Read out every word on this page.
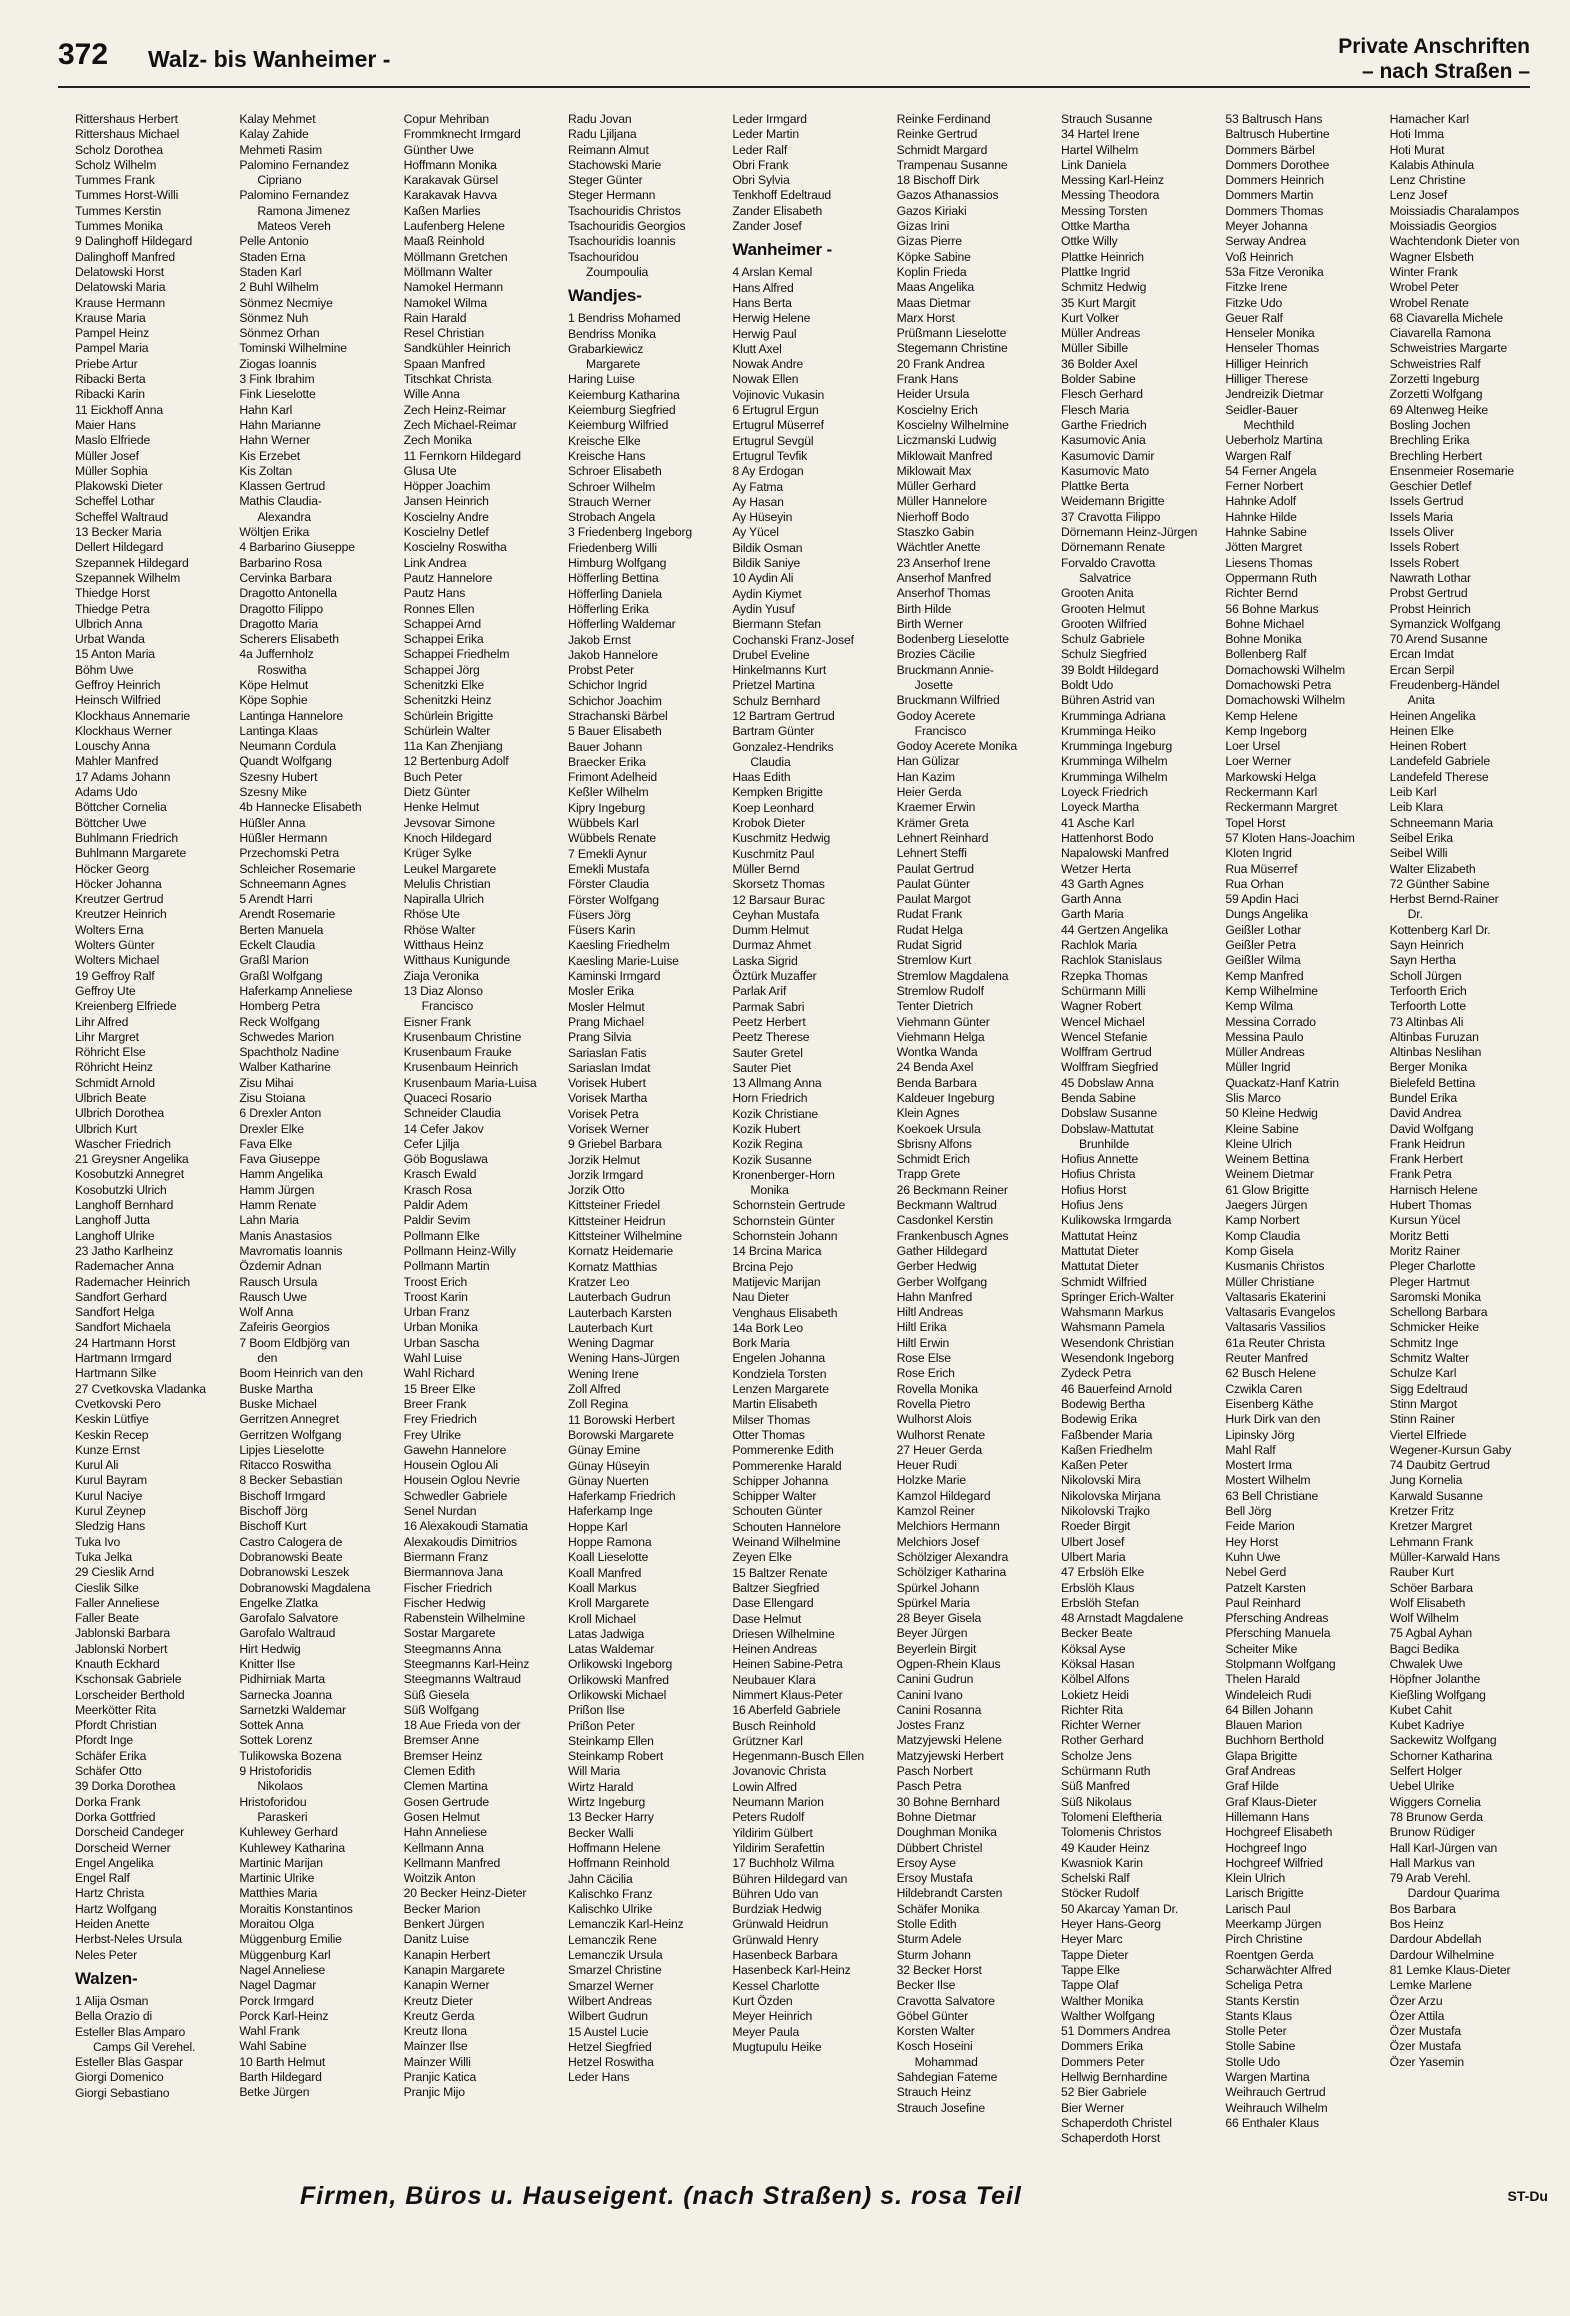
372 Walz- bis Wanheimer -	Private Anschriften
– nach Straßen –
Rittershaus Herbert
Rittershaus Michael
Scholz Dorothea
Scholz Wilhelm
Tummes Frank
Tummes Horst-Willi
Tummes Kerstin
Tummes Monika
9 Dalinghoff Hildegard
Dalinghoff Manfred
Delatowski Horst
Delatowski Maria
Krause Hermann
Krause Maria
Pampel Heinz
Pampel Maria
Priebe Artur
Ribacki Berta
Ribacki Karin
11 Eickhoff Anna
Maier Hans
Maslo Elfriede
Müller Josef
Müller Sophia
Plakowski Dieter
Scheffel Lothar
Scheffel Waltraud
13 Becker Maria
Dellert Hildegard
Szepannek Hildegard
Szepannek Wilhelm
Thiedge Horst
Thiedge Petra
Ulbrich Anna
Urbat Wanda
15 Anton Maria
Böhm Uwe
Geffroy Heinrich
Heinsch Wilfried
Klockhaus Annemarie
Klockhaus Werner
Louschy Anna
Mahler Manfred
17 Adams Johann
Adams Udo
Böttcher Cornelia
Böttcher Uwe
Buhlmann Friedrich
Buhlmann Margarete
Höcker Georg
Höcker Johanna
Kreutzer Gertrud
Kreutzer Heinrich
Wolters Erna
Wolters Günter
Wolters Michael
19 Geffroy Ralf
Geffroy Ute
Kreienberg Elfriede
Lihr Alfred
Lihr Margret
Röhricht Else
Röhricht Heinz
Schmidt Arnold
Ulbrich Beate
Ulbrich Dorothea
Ulbrich Kurt
Wascher Friedrich
21 Greysner Angelika
Kosobutzki Annegret
Kosobutzki Ulrich
Langhoff Bernhard
Langhoff Jutta
Langhoff Ulrike
23 Jatho Karlheinz
Rademacher Anna
Rademacher Heinrich
Sandfort Gerhard
Sandfort Helga
Sandfort Michaela
24 Hartmann Horst
Hartmann Irmgard
Hartmann Silke
27 Cvetkovska Vladanka
Cvetkovski Pero
Keskin Lütfiye
Keskin Recep
Kunze Ernst
Kurul Ali
Kurul Bayram
Kurul Naciye
Kurul Zeynep
Sledzig Hans
Tuka Ivo
Tuka Jelka
29 Cieslik Arnd
Cieslik Silke
Faller Anneliese
Faller Beate
Jablonski Barbara
Jablonski Norbert
Knauth Eckhard
Kschonsak Gabriele
Lorscheider Berthold
Meerkötter Rita
Pfordt Christian
Pfordt Inge
Schäfer Erika
Schäfer Otto
39 Dorka Dorothea
Dorka Frank
Dorka Gottfried
Dorscheid Candeger
Dorscheid Werner
Engel Angelika
Engel Ralf
Hartz Christa
Hartz Wolfgang
Heiden Anette
Herbst-Neles Ursula
Neles Peter
Walzen-
1 Alija Osman
Bella Orazio di
Esteller Blas Amparo
Camps Gil Verehel.
Esteller Blas Gaspar
Giorgi Domenico
Giorgi Sebastiano
Kalay Mehmet
Kalay Zahide
Mehmeti Rasim
Palomino Fernandez
Cipriano
Palomino Fernandez
Ramona Jimenez
Mateos Vereh
Pelle Antonio
Staden Erna
Staden Karl
2 Buhl Wilhelm
Sönmez Necmiye
Sönmez Nuh
Sönmez Orhan
Tominski Wilhelmine
Ziogas Ioannis
3 Fink Ibrahim
Fink Lieselotte
Hahn Karl
Hahn Marianne
Hahn Werner
Kis Erzebet
Kis Zoltan
Klassen Gertrud
Mathis Claudia-
Alexandra
Wöltjen Erika
4 Barbarino Giuseppe
Barbarino Rosa
Cervinka Barbara
Dragotto Antonella
Dragotto Filippo
Dragotto Maria
Scherers Elisabeth
4a Juffernholz
Roswitha
Köpe Helmut
Köpe Sophie
Lantinga Hannelore
Lantinga Klaas
Neumann Cordula
Quandt Wolfgang
Szesny Hubert
Szesny Mike
4b Hannecke Elisabeth
Hüßler Anna
Hüßler Hermann
Przechomski Petra
Schleicher Rosemarie
Schneemann Agnes
5 Arendt Harri
Arendt Rosemarie
Berten Manuela
Eckelt Claudia
Graßl Marion
Graßl Wolfgang
Haferkamp Anneliese
Homberg Petra
Reck Wolfgang
Schwedes Marion
Spachtholz Nadine
Walber Katharine
Zisu Mihai
Zisu Stoiana
6 Drexler Anton
Drexler Elke
Fava Elke
Fava Giuseppe
Hamm Angelika
Hamm Jürgen
Hamm Renate
Lahn Maria
Manis Anastasios
Mavromatis Ioannis
Özdemir Adnan
Rausch Ursula
Rausch Uwe
Wolf Anna
Zafeiris Georgios
7 Boom Eldbjörg van
den
Boom Heinrich van den
Buske Martha
Buske Michael
Gerritzen Annegret
Gerritzen Wolfgang
Lipjes Lieselotte
Ritacco Roswitha
8 Becker Sebastian
Bischoff Irmgard
Bischoff Jörg
Bischoff Kurt
Castro Calogera de
Dobranowski Beate
Dobranowski Leszek
Dobranowski Magdalena
Engelke Zlatka
Garofalo Salvatore
Garofalo Waltraud
Hirt Hedwig
Knitter Ilse
Pidhirniak Marta
Sarnecka Joanna
Sarnetzki Waldemar
Sottek Anna
Sottek Lorenz
Tulikowska Bozena
9 Hristoforidis
Nikolaos
Hristoforidou
Paraskeri
Kuhlewey Gerhard
Kuhlewey Katharina
Martinic Marijan
Martinic Ulrike
Matthies Maria
Moraitis Konstantinos
Moraitou Olga
Müggenburg Emilie
Müggenburg Karl
Nagel Anneliese
Nagel Dagmar
Porck Irmgard
Porck Karl-Heinz
Wahl Frank
Wahl Sabine
10 Barth Helmut
Barth Hildegard
Betke Jürgen
Copur Mehriban
Frommknecht Irmgard
Günther Uwe
Hoffmann Monika
Karakavak Gürsel
Karakavak Havva
Kaßen Marlies
Laufenberg Helene
Maaß Reinhold
Möllmann Gretchen
Möllmann Walter
Namokel Hermann
Namokel Wilma
Rain Harald
Resel Christian
Sandkühler Heinrich
Spaan Manfred
Titschkat Christa
Wille Anna
Zech Heinz-Reimar
Zech Michael-Reimar
Zech Monika
11 Fernkorn Hildegard
Glusa Ute
Höpper Joachim
Jansen Heinrich
Koscielny Andre
Koscielny Detlef
Koscielny Roswitha
Link Andrea
Pautz Hannelore
Pautz Hans
Ronnes Ellen
Schappei Arnd
Schappei Erika
Schappei Friedhelm
Schappei Jörg
Schenitzki Elke
Schenitzki Heinz
Schürlein Brigitte
Schürlein Walter
11a Kan Zhenjiang
12 Bertenburg Adolf
Buch Peter
Dietz Günter
Henke Helmut
Jevsovar Simone
Knoch Hildegard
Krüger Sylke
Leukel Margarete
Melulis Christian
Napiralla Ulrich
Rhöse Ute
Rhöse Walter
Witthaus Heinz
Witthaus Kunigunde
Ziaja Veronika
13 Diaz Alonso
Francisco
Eisner Frank
Krusenbaum Christine
Krusenbaum Frauke
Krusenbaum Heinrich
Krusenbaum Maria-Luisa
Quaceci Rosario
Schneider Claudia
14 Cefer Jakov
Cefer Ljilja
Göb Boguslawa
Krasch Ewald
Krasch Rosa
Paldir Adem
Paldir Sevim
Pollmann Elke
Pollmann Heinz-Willy
Pollmann Martin
Troost Erich
Troost Karin
Urban Franz
Urban Monika
Urban Sascha
Wahl Luise
Wahl Richard
15 Breer Elke
Breer Frank
Frey Friedrich
Frey Ulrike
Gawehn Hannelore
Housein Oglou Ali
Housein Oglou Nevrie
Schwedler Gabriele
Senel Nurdan
16 Alexakoudi Stamatia
Alexakoudis Dimitrios
Biermann Franz
Biermannova Jana
Fischer Friedrich
Fischer Hedwig
Rabenstein Wilhelmine
Sostar Margarete
Steegmanns Anna
Steegmanns Karl-Heinz
Steegmanns Waltraud
Süß Giesela
Süß Wolfgang
18 Aue Frieda von der
Bremser Anne
Bremser Heinz
Clemen Edith
Clemen Martina
Gosen Gertrude
Gosen Helmut
Hahn Anneliese
Kellmann Anna
Kellmann Manfred
Woitzik Anton
20 Becker Heinz-Dieter
Becker Marion
Benkert Jürgen
Danitz Luise
Kanapin Herbert
Kanapin Margarete
Kanapin Werner
Kreutz Dieter
Kreutz Gerda
Kreutz Ilona
Mainzer Ilse
Mainzer Willi
Pranjic Katica
Pranjic Mijo
Radu Jovan
Radu Ljiljana
Reimann Almut
Stachowski Marie
Steger Günter
Steger Hermann
Tsachouridis Christos
Tsachouridis Georgios
Tsachouridis Ioannis
Tsachouridou
Zoumpoulia
Wandjes-
1 Bendriss Mohamed
Bendriss Monika
Grabarkiewicz
Margarete
Haring Luise
Keiemburg Katharina
Keiemburg Siegfried
Keiemburg Wilfried
Kreische Elke
Kreische Hans
Schroer Elisabeth
Schroer Wilhelm
Strauch Werner
Strobach Angela
3 Friedenberg Ingeborg
Friedenberg Willi
Himburg Wolfgang
Höfferling Bettina
Höfferling Daniela
Höfferling Erika
Höfferling Waldemar
Jakob Ernst
Jakob Hannelore
Probst Peter
Schichor Ingrid
Schichor Joachim
Strachanski Bärbel
5 Bauer Elisabeth
Bauer Johann
Braecker Erika
Frimont Adelheid
Keßler Wilhelm
Kipry Ingeburg
Wübbels Karl
Wübbels Renate
7 Emekli Aynur
Emekli Mustafa
Förster Claudia
Förster Wolfgang
Füsers Jörg
Füsers Karin
Kaesling Friedhelm
Kaesling Marie-Luise
Kaminski Irmgard
Mosler Erika
Mosler Helmut
Prang Michael
Prang Silvia
Sariaslan Fatis
Sariaslan Imdat
Vorisek Hubert
Vorisek Martha
Vorisek Petra
Vorisek Werner
9 Griebel Barbara
Jorzik Helmut
Jorzik Irmgard
Jorzik Otto
Kittsteiner Friedel
Kittsteiner Heidrun
Kittsteiner Wilhelmine
Kornatz Heidemarie
Kornatz Matthias
Kratzer Leo
Lauterbach Gudrun
Lauterbach Karsten
Lauterbach Kurt
Wening Dagmar
Wening Hans-Jürgen
Wening Irene
Zoll Alfred
Zoll Regina
11 Borowski Herbert
Borowski Margarete
Günay Emine
Günay Hüseyin
Günay Nuerten
Haferkamp Friedrich
Haferkamp Inge
Hoppe Karl
Hoppe Ramona
Koall Lieselotte
Koall Manfred
Koall Markus
Kroll Margarete
Kroll Michael
Latas Jadwiga
Latas Waldemar
Orlikowski Ingeborg
Orlikowski Manfred
Orlikowski Michael
Prißon Ilse
Prißon Peter
Steinkamp Ellen
Steinkamp Robert
Will Maria
Wirtz Harald
Wirtz Ingeburg
13 Becker Harry
Becker Walli
Hoffmann Helene
Hoffmann Reinhold
Jahn Cäcilia
Kalischko Franz
Kalischko Ulrike
Lemanczik Karl-Heinz
Lemanczik Rene
Lemanczik Ursula
Smarzel Christine
Smarzel Werner
Wilbert Andreas
Wilbert Gudrun
15 Austel Lucie
Hetzel Siegfried
Hetzel Roswitha
Leder Hans
Leder Irmgard
Leder Martin
Leder Ralf
Obri Frank
Obri Sylvia
Tenkhoff Edeltraud
Zander Elisabeth
Zander Josef
Wanheimer -
4 Arslan Kemal
Hans Alfred
Hans Berta
Herwig Helene
Herwig Paul
Klutt Axel
Nowak Andre
Nowak Ellen
Vojinovic Vukasin
6 Ertugrul Ergun
Ertugrul Müserref
Ertugrul Sevgül
Ertugrul Tevfik
8 Ay Erdogan
Ay Fatma
Ay Hasan
Ay Hüseyin
Ay Yücel
Bildik Osman
Bildik Saniye
10 Aydin Ali
Aydin Kiymet
Aydin Yusuf
Biermann Stefan
Cochanski Franz-Josef
Drubel Eveline
Hinkelmanns Kurt
Prietzel Martina
Schulz Bernhard
12 Bartram Gertrud
Bartram Günter
Gonzalez-Hendriks
Claudia
Haas Edith
Kempken Brigitte
Koep Leonhard
Krobok Dieter
Kuschmitz Hedwig
Kuschmitz Paul
Müller Bernd
Skorsetz Thomas
12 Barsaur Burac
Ceyhan Mustafa
Dumm Helmut
Durmaz Ahmet
Laska Sigrid
Öztürk Muzaffer
Parlak Arif
Parmak Sabri
Peetz Herbert
Peetz Therese
Sauter Gretel
Sauter Piet
13 Allmang Anna
Horn Friedrich
Kozik Christiane
Kozik Hubert
Kozik Regina
Kozik Susanne
Kronenberger-Horn
Monika
Schornstein Gertrude
Schornstein Günter
Schornstein Johann
14 Brcina Marica
Brcina Pejo
Matijevic Marijan
Nau Dieter
Venghaus Elisabeth
14a Bork Leo
Bork Maria
Engelen Johanna
Kondziela Torsten
Lenzen Margarete
Martin Elisabeth
Milser Thomas
Otter Thomas
Pommerenke Edith
Pommerenke Harald
Schipper Johanna
Schipper Walter
Schouten Günter
Schouten Hannelore
Weinand Wilhelmine
Zeyen Elke
15 Baltzer Renate
Baltzer Siegfried
Dase Ellengard
Dase Helmut
Driesen Wilhelmine
Heinen Andreas
Heinen Sabine-Petra
Neubauer Klara
Nimmert Klaus-Peter
16 Aberfeld Gabriele
Busch Reinhold
Grützner Karl
Hegenmann-Busch Ellen
Jovanovic Christa
Lowin Alfred
Neumann Marion
Peters Rudolf
Yildirim Gülbert
Yildirim Serafettin
17 Buchholz Wilma
Bühren Hildegard van
Bühren Udo van
Burdziak Hedwig
Grünwald Heidrun
Grünwald Henry
Hasenbeck Barbara
Hasenbeck Karl-Heinz
Kessel Charlotte
Kurt Özden
Meyer Heinrich
Meyer Paula
Mugtupulu Heike
Reinke Ferdinand
Reinke Gertrud
Schmidt Margard
Trampenau Susanne
18 Bischoff Dirk
Gazos Athanassios
Gazos Kiriaki
Gizas Irini
Gizas Pierre
Köpke Sabine
Koplin Frieda
Maas Angelika
Maas Dietmar
Marx Horst
Prüßmann Lieselotte
Stegemann Christine
20 Frank Andrea
Frank Hans
Heider Ursula
Koscielny Erich
Koscielny Wilhelmine
Liczmanski Ludwig
Miklowait Manfred
Miklowait Max
Müller Gerhard
Müller Hannelore
Nierhoff Bodo
Staszko Gabin
Wächtler Anette
23 Anserhof Irene
Anserhof Manfred
Anserhof Thomas
Birth Hilde
Birth Werner
Bodenberg Lieselotte
Brozies Cäcilie
Bruckmann Annie-
Josette
Bruckmann Wilfried
Godoy Acerete
Francisco
Godoy Acerete Monika
Han Gülizar
Han Kazim
Heier Gerda
Kraemer Erwin
Krämer Greta
Lehnert Reinhard
Lehnert Steffi
Paulat Gertrud
Paulat Günter
Paulat Margot
Rudat Frank
Rudat Helga
Rudat Sigrid
Stremlow Kurt
Stremlow Magdalena
Stremlow Rudolf
Tenter Dietrich
Viehmann Günter
Viehmann Helga
Wontka Wanda
24 Benda Axel
Benda Barbara
Kaldeuer Ingeburg
Klein Agnes
Koekoek Ursula
Sbrisny Alfons
Schmidt Erich
Trapp Grete
26 Beckmann Reiner
Beckmann Waltrud
Casdonkel Kerstin
Frankenbusch Agnes
Gather Hildegard
Gerber Hedwig
Gerber Wolfgang
Hahn Manfred
Hiltl Andreas
Hiltl Erika
Hiltl Erwin
Rose Else
Rose Erich
Rovella Monika
Rovella Pietro
Wulhorst Alois
Wulhorst Renate
27 Heuer Gerda
Heuer Rudi
Holzke Marie
Kamzol Hildegard
Kamzol Reiner
Melchiors Hermann
Melchiors Josef
Schölziger Alexandra
Schölziger Katharina
Spürkel Johann
Spürkel Maria
28 Beyer Gisela
Beyer Jürgen
Beyerlein Birgit
Ogpen-Rhein Klaus
Canini Gudrun
Canini Ivano
Canini Rosanna
Jostes Franz
Matzyjewski Helene
Matzyjewski Herbert
Pasch Norbert
Pasch Petra
30 Bohne Bernhard
Bohne Dietmar
Doughman Monika
Dübbert Christel
Ersoy Ayse
Ersoy Mustafa
Hildebrandt Carsten
Schäfer Monika
Stolle Edith
Sturm Adele
Sturm Johann
32 Becker Horst
Becker Ilse
Cravotta Salvatore
Göbel Günter
Korsten Walter
Kosch Hoseini
Mohammad
Sahdegian Fateme
Strauch Heinz
Strauch Josefine
Strauch Susanne
34 Hartel Irene
Hartel Wilhelm
Link Daniela
Messing Karl-Heinz
Messing Theodora
Messing Torsten
Ottke Martha
Ottke Willy
Plattke Heinrich
Plattke Ingrid
Schmitz Hedwig
35 Kurt Margit
Kurt Volker
Müller Andreas
Müller Sibille
36 Bolder Axel
Bolder Sabine
Flesch Gerhard
Flesch Maria
Garthe Friedrich
Kasumovic Ania
Kasumovic Damir
Kasumovic Mato
Plattke Berta
Weidemann Brigitte
37 Cravotta Filippo
Dörnemann Heinz-Jürgen
Dörnemann Renate
Forvaldo Cravotta
Salvatrice
Grooten Anita
Grooten Helmut
Grooten Wilfried
Schulz Gabriele
Schulz Siegfried
39 Boldt Hildegard
Boldt Udo
Bühren Astrid van
Krumminga Adriana
Krumminga Heiko
Krumminga Ingeburg
Krumminga Wilhelm
Krumminga Wilhelm
Loyeck Friedrich
Loyeck Martha
41 Asche Karl
Hattenhorst Bodo
Napalowski Manfred
Wetzer Herta
43 Garth Agnes
Garth Anna
Garth Maria
44 Gertzen Angelika
Rachlok Maria
Rachlok Stanislaus
Rzepka Thomas
Schürmann Milli
Wagner Robert
Wencel Michael
Wencel Stefanie
Wolffram Gertrud
Wolffram Siegfried
45 Dobslaw Anna
Benda Sabine
Dobslaw Susanne
Dobslaw-Mattutat
Brunhilde
Hofius Annette
Hofius Christa
Hofius Horst
Hofius Jens
Kulikowska Irmgarda
Mattutat Heinz
Mattutat Dieter
Mattutat Dieter
Schmidt Wilfried
Springer Erich-Walter
Wahsmann Markus
Wahsmann Pamela
Wesendonk Christian
Wesendonk Ingeborg
Zydeck Petra
46 Bauerfeind Arnold
Bodewig Bertha
Bodewig Erika
Faßbender Maria
Kaßen Friedhelm
Kaßen Peter
Nikolovski Mira
Nikolovska Mirjana
Nikolovski Trajko
Roeder Birgit
Ulbert Josef
Ulbert Maria
47 Erbslöh Elke
Erbslöh Klaus
Erbslöh Stefan
48 Arnstadt Magdalene
Becker Beate
Köksal Ayse
Köksal Hasan
Kölbel Alfons
Lokietz Heidi
Richter Rita
Richter Werner
Rother Gerhard
Scholze Jens
Schürmann Ruth
Süß Manfred
Süß Nikolaus
Tolomeni Eleftheria
Tolomenis Christos
49 Kauder Heinz
Kwasniok Karin
Schelski Ralf
Stöcker Rudolf
50 Akarcay Yaman Dr.
Heyer Hans-Georg
Heyer Marc
Tappe Dieter
Tappe Elke
Tappe Olaf
Walther Monika
Walther Wolfgang
51 Dommers Andrea
Dommers Erika
Dommers Peter
Hellwig Bernhardine
52 Bier Gabriele
Bier Werner
Schaperdoth Christel
Schaperdoth Horst
53 Baltrusch Hans
Baltrusch Hubertine
Dommers Bärbel
Dommers Dorothee
Dommers Heinrich
Dommers Martin
Dommers Thomas
Meyer Johanna
Serway Andrea
Voß Heinrich
53a Fitze Veronika
Fitzke Irene
Fitzke Udo
Geuer Ralf
Henseler Monika
Henseler Thomas
Hilliger Heinrich
Hilliger Therese
Jendreizik Dietmar
Seidler-Bauer
Mechthild
Ueberholz Martina
Wargen Ralf
54 Ferner Angela
Ferner Norbert
Hahnke Adolf
Hahnke Hilde
Hahnke Sabine
Jötten Margret
Liesens Thomas
Oppermann Ruth
Richter Bernd
56 Bohne Markus
Bohne Michael
Bohne Monika
Bollenberg Ralf
Domachowski Wilhelm
Domachowski Petra
Domachowski Wilhelm
Kemp Helene
Kemp Ingeborg
Loer Ursel
Loer Werner
Markowski Helga
Reckermann Karl
Reckermann Margret
Topel Horst
57 Kloten Hans-Joachim
Kloten Ingrid
Rua Müserref
Rua Orhan
59 Apdin Haci
Dungs Angelika
Geißler Lothar
Geißler Petra
Geißler Wilma
Kemp Manfred
Kemp Wilhelmine
Kemp Wilma
Messina Corrado
Messina Paulo
Müller Andreas
Müller Ingrid
Quackatz-Hanf Katrin
Slis Marco
50 Kleine Hedwig
Kleine Sabine
Kleine Ulrich
Weinem Bettina
Weinem Dietmar
61 Glow Brigitte
Jaegers Jürgen
Kamp Norbert
Komp Claudia
Komp Gisela
Kusmanis Christos
Müller Christiane
Valtasaris Ekaterini
Valtasaris Evangelos
Valtasaris Vassilios
61a Reuter Christa
Reuter Manfred
62 Busch Helene
Czwikla Caren
Eisenberg Käthe
Hurk Dirk van den
Lipinsky Jörg
Mahl Ralf
Mostert Irma
Mostert Wilhelm
63 Bell Christiane
Bell Jörg
Feide Marion
Hey Horst
Kuhn Uwe
Nebel Gerd
Patzelt Karsten
Paul Reinhard
Pfersching Andreas
Pfersching Manuela
Scheiter Mike
Stolpmann Wolfgang
Thelen Harald
Windeleich Rudi
64 Billen Johann
Blauen Marion
Buchhorn Berthold
Glapa Brigitte
Graf Andreas
Graf Hilde
Graf Klaus-Dieter
Hillemann Hans
Hochgreef Elisabeth
Hochgreef Ingo
Hochgreef Wilfried
Klein Ulrich
Larisch Brigitte
Larisch Paul
Meerkamp Jürgen
Pirch Christine
Roentgen Gerda
Scharwächter Alfred
Scheliga Petra
Stants Kerstin
Stants Klaus
Stolle Peter
Stolle Sabine
Stolle Udo
Wargen Martina
Weihrauch Gertrud
Weihrauch Wilhelm
66 Enthaler Klaus
Hamacher Karl
Hoti Imma
Hoti Murat
Kalabis Athinula
Lenz Christine
Lenz Josef
Moissiadis Charalampos
Moissiadis Georgios
Wachtendonk Dieter von
Wagner Elsbeth
Winter Frank
Wrobel Peter
Wrobel Renate
68 Ciavarella Michele
Ciavarella Ramona
Schweistries Margarte
Schweistries Ralf
Zorzetti Ingeburg
Zorzetti Wolfgang
69 Altenweg Heike
Bosling Jochen
Brechling Erika
Brechling Herbert
Ensenmeier Rosemarie
Geschier Detlef
Issels Gertrud
Issels Maria
Issels Oliver
Issels Robert
Issels Robert
Nawrath Lothar
Probst Gertrud
Probst Heinrich
Symanzick Wolfgang
70 Arend Susanne
Ercan Imdat
Ercan Serpil
Freudenberg-Händel
Anita
Heinen Angelika
Heinen Elke
Heinen Robert
Landefeld Gabriele
Landefeld Therese
Leib Karl
Leib Klara
Schneemann Maria
Seibel Erika
Seibel Willi
Walter Elizabeth
72 Günther Sabine
Herbst Bernd-Rainer
Dr.
Kottenberg Karl Dr.
Sayn Heinrich
Sayn Hertha
Scholl Jürgen
Terfoorth Erich
Terfoorth Lotte
73 Altinbas Ali
Altinbas Furuzan
Altinbas Neslihan
Berger Monika
Bielefeld Bettina
Bundel Erika
David Andrea
David Wolfgang
Frank Heidrun
Frank Herbert
Frank Petra
Harnisch Helene
Hubert Thomas
Kursun Yücel
Moritz Betti
Moritz Rainer
Pleger Charlotte
Pleger Hartmut
Saromski Monika
Schellong Barbara
Schmicker Heike
Schmitz Inge
Schmitz Walter
Schulze Karl
Sigg Edeltraud
Stinn Margot
Stinn Rainer
Viertel Elfriede
Wegener-Kursun Gaby
74 Daubitz Gertrud
Jung Kornelia
Karwald Susanne
Kretzer Fritz
Kretzer Margret
Lehmann Frank
Müller-Karwald Hans
Rauber Kurt
Schöer Barbara
Wolf Elisabeth
Wolf Wilhelm
75 Agbal Ayhan
Bagci Bedika
Chwalek Uwe
Höpfner Jolanthe
Kießling Wolfgang
Kubet Cahit
Kubet Kadriye
Sackewitz Wolfgang
Schorner Katharina
Selfert Holger
Uebel Ulrike
Wiggers Cornelia
78 Brunow Gerda
Brunow Rüdiger
Hall Karl-Jürgen van
Hall Markus van
79 Arab Verehl.
Dardour Quarima
Bos Barbara
Bos Heinz
Dardour Abdellah
Dardour Wilhelmine
81 Lemke Klaus-Dieter
Lemke Marlene
Özer Arzu
Özer Attila
Özer Mustafa
Özer Mustafa
Özer Yasemin
Firmen, Büros u. Hauseigent. (nach Straßen) s. rosa Teil	ST-Du
